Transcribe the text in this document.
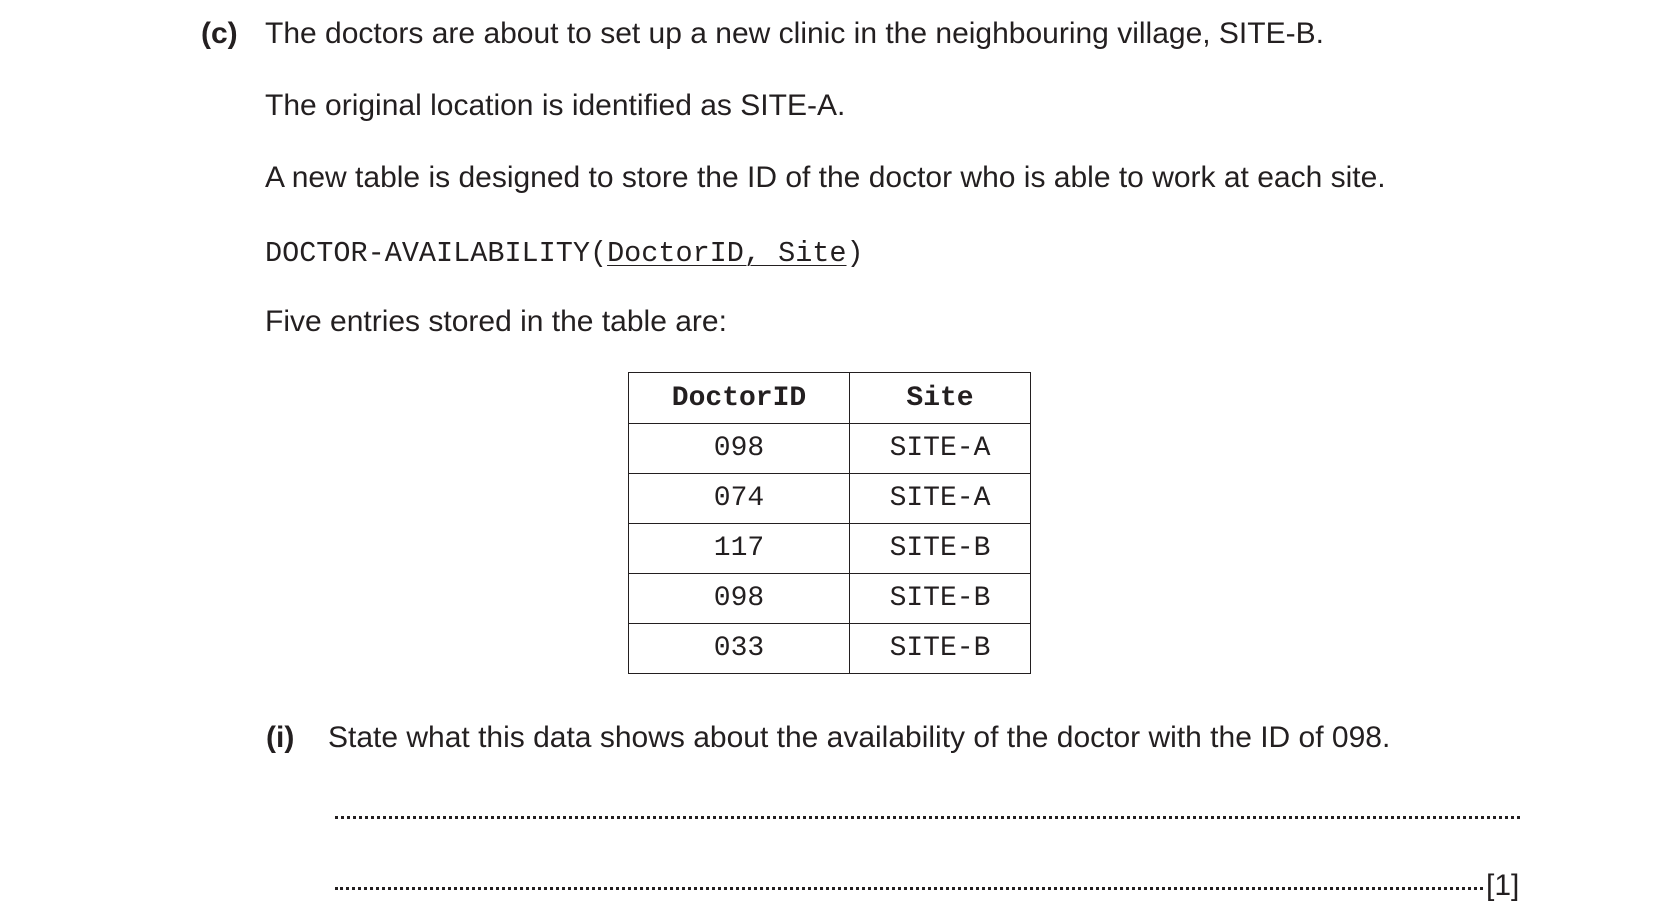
(c) The doctors are about to set up a new clinic in the neighbouring village, SITE-B.
The original location is identified as SITE-A.
A new table is designed to store the ID of the doctor who is able to work at each site.
DOCTOR-AVAILABILITY(DoctorID, Site)
Five entries stored in the table are:
DoctorID	Site
098	SITE-A
074	SITE-A
117	SITE-B
098	SITE-B
033	SITE-B
(i) State what this data shows about the availability of the doctor with the ID of 098.
[1]
